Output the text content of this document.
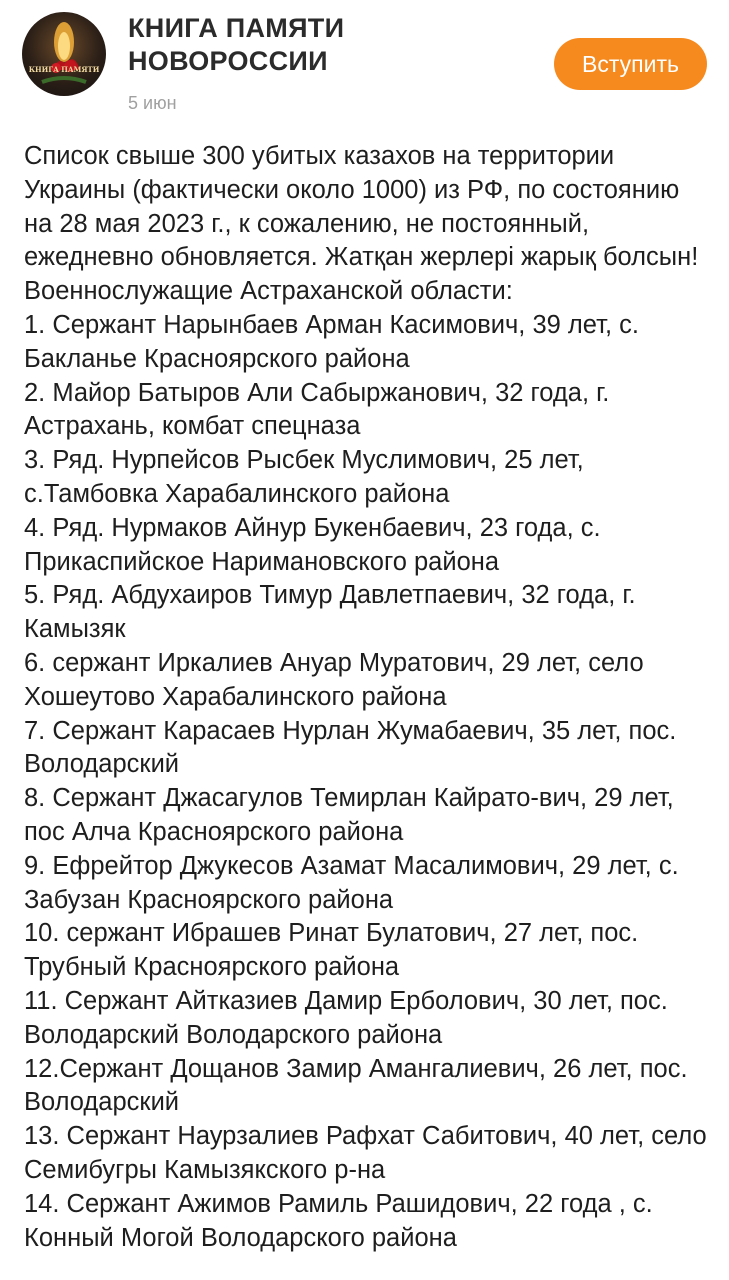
КНИГА ПАМЯТИ
КНИГА ПАМЯТИ НОВОРОССИИ
5 июн
Вступить

Список свыше 300 убитых казахов на территории Украины (фактически около 1000) из РФ, по состоянию на 28 мая 2023 г., к сожалению, не постоянный, ежедневно обновляется. Жатқан жерлері жарық болсын!

Военнослужащие Астраханской области:

1. Сержант Нарынбаев Арман Касимович, 39 лет, с. Бакланье Красноярского района

2. Майор Батыров Али Сабыржанович, 32 года, г. Астрахань, комбат спецназа

3. Ряд. Нурпейсов Рысбек Муслимович, 25 лет, с.Тамбовка Харабалинского района

4. Ряд. Нурмаков Айнур Букенбаевич, 23 года, с. Прикаспийское Наримановского района

5. Ряд. Абдухаиров Тимур Давлетпаевич, 32 года, г. Камызяк

6. сержант Иркалиев Ануар Муратович, 29 лет, село Хошеутово Харабалинского района

7. Сержант Карасаев Нурлан Жумабаевич, 35 лет, пос. Володарский

8. Сержант Джасагулов Темирлан Кайрато-вич, 29 лет, пос Алча Красноярского района

9. Ефрейтор Джукесов Азамат Масалимович, 29 лет, с. Забузан Красноярского района

10. сержант Ибрашев Ринат Булатович, 27 лет, пос. Трубный Красноярского района

11. Сержант Айтказиев Дамир Ерболович, 30 лет, пос. Володарский Володарского района

12.Сержант Дощанов Замир Амангалиевич, 26 лет, пос. Володарский

13. Сержант Наурзалиев Рафхат Сабитович, 40 лет, село Семибугры Камызякского р-на

14. Сержант Ажимов Рамиль Рашидович, 22 года , с. Конный Могой Володарского района
